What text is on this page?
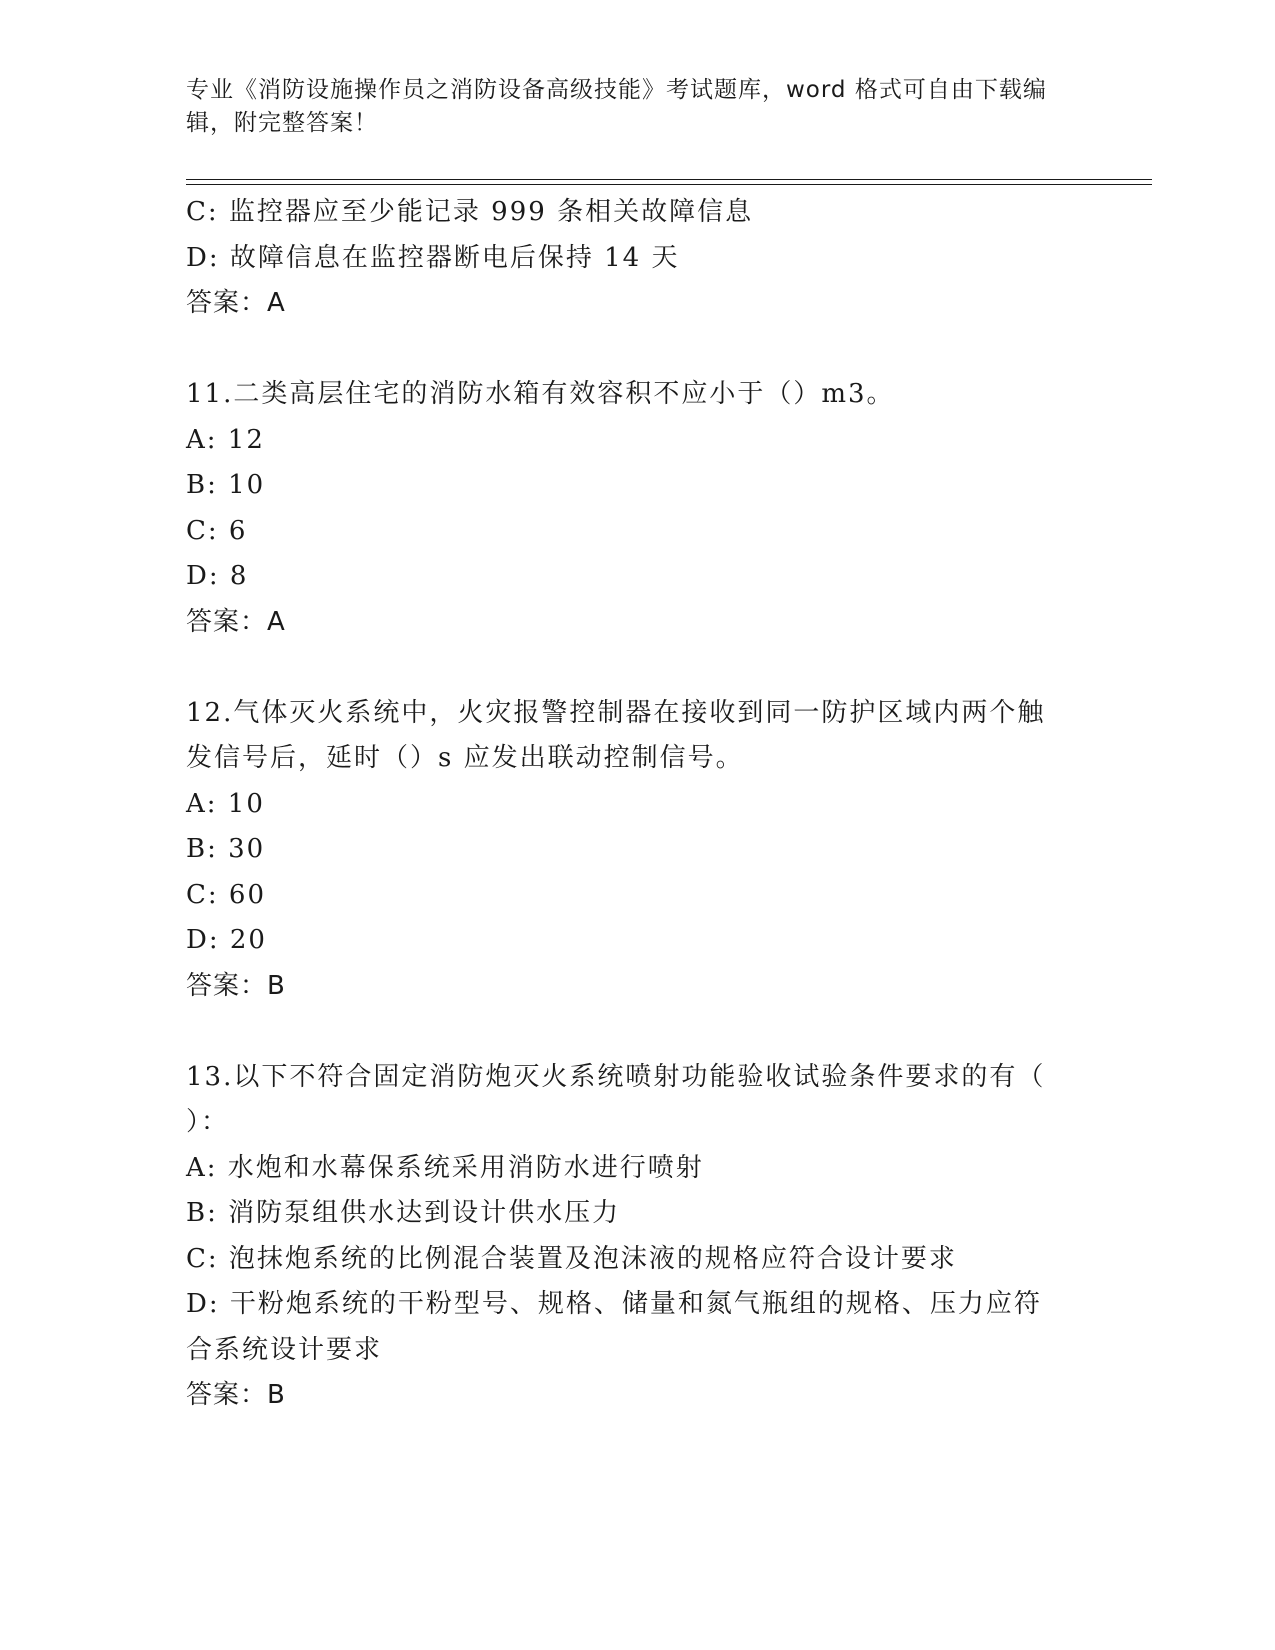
专业《消防设施操作员之消防设备高级技能》考试题库，word 格式可自由下载编
辑，附完整答案！
C: 监控器应至少能记录 999 条相关故障信息
D: 故障信息在监控器断电后保持 14 天
答案：A
11.二类高层住宅的消防水箱有效容积不应小于（）m3。
A: 12
B: 10
C: 6
D: 8
答案：A
12.气体灭火系统中，火灾报警控制器在接收到同一防护区域内两个触
发信号后，延时（）s 应发出联动控制信号。
A: 10
B: 30
C: 60
D: 20
答案：B
13.以下不符合固定消防炮灭火系统喷射功能验收试验条件要求的有（
）：
A: 水炮和水幕保系统采用消防水进行喷射
B: 消防泵组供水达到设计供水压力
C: 泡抹炮系统的比例混合装置及泡沫液的规格应符合设计要求
D: 干粉炮系统的干粉型号、规格、储量和氮气瓶组的规格、压力应符
合系统设计要求
答案：B
